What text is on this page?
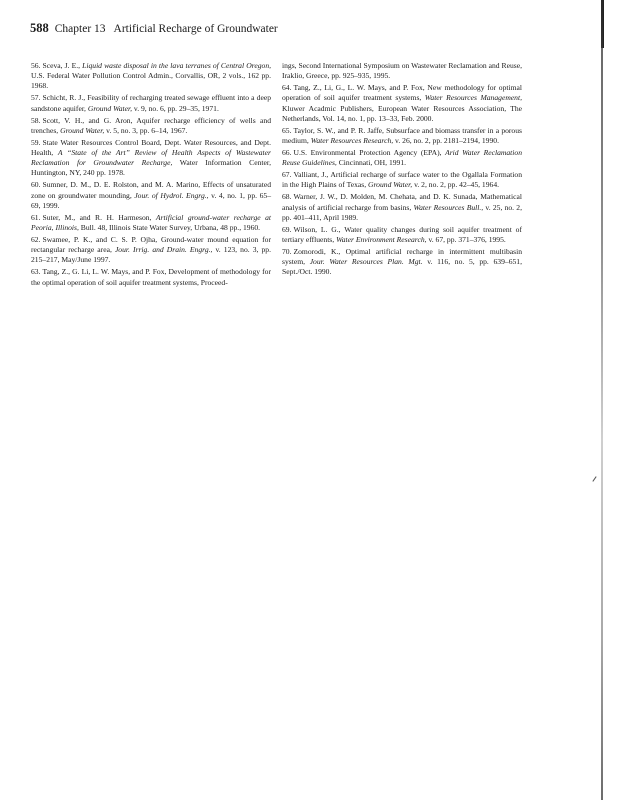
588 Chapter 13   Artificial Recharge of Groundwater
56. Sceva, J. E., Liquid waste disposal in the lava terranes of Central Oregon, U.S. Federal Water Pollution Control Admin., Corvallis, OR, 2 vols., 162 pp. 1968.
57. Schicht, R. J., Feasibility of recharging treated sewage effluent into a deep sandstone aquifer, Ground Water, v. 9, no. 6, pp. 29–35, 1971.
58. Scott, V. H., and G. Aron, Aquifer recharge efficiency of wells and trenches, Ground Water, v. 5, no. 3, pp. 6–14, 1967.
59. State Water Resources Control Board, Dept. Water Resources, and Dept. Health, A “State of the Art” Review of Health Aspects of Wastewater Reclamation for Groundwater Recharge, Water Information Center, Huntington, NY, 240 pp. 1978.
60. Sumner, D. M., D. E. Rolston, and M. A. Marino, Effects of unsaturated zone on groundwater mounding, Jour. of Hydrol. Engrg., v. 4, no. 1, pp. 65–69, 1999.
61. Suter, M., and R. H. Harmeson, Artificial ground-water recharge at Peoria, Illinois, Bull. 48, Illinois State Water Survey, Urbana, 48 pp., 1960.
62. Swamee, P. K., and C. S. P. Ojha, Ground-water mound equation for rectangular recharge area, Jour. Irrig. and Drain. Engrg., v. 123, no. 3, pp. 215–217, May/June 1997.
63. Tang, Z., G. Li, L. W. Mays, and P. Fox, Development of methodology for the optimal operation of soil aquifer treatment systems, Proceed-
ings, Second International Symposium on Wastewater Reclamation and Reuse, Iraklio, Greece, pp. 925–935, 1995.
64. Tang, Z., Li, G., L. W. Mays, and P. Fox, New methodology for optimal operation of soil aquifer treatment systems, Water Resources Management, Kluwer Acadmic Publishers, European Water Resources Association, The Netherlands, Vol. 14, no. 1, pp. 13–33, Feb. 2000.
65. Taylor, S. W., and P. R. Jaffe, Subsurface and biomass transfer in a porous medium, Water Resources Research, v. 26, no. 2, pp. 2181–2194, 1990.
66. U.S. Environmental Protection Agency (EPA), Arid Water Reclamation Reuse Guidelines, Cincinnati, OH, 1991.
67. Valliant, J., Artificial recharge of surface water to the Ogallala Formation in the High Plains of Texas, Ground Water, v. 2, no. 2, pp. 42–45, 1964.
68. Warner, J. W., D. Molden, M. Chehata, and D. K. Sunada, Mathematical analysis of artificial recharge from basins, Water Resources Bull., v. 25, no. 2, pp. 401–411, April 1989.
69. Wilson, L. G., Water quality changes during soil aquifer treatment of tertiary effluents, Water Environment Research, v. 67, pp. 371–376, 1995.
70. Zomorodi, K., Optimal artificial recharge in intermittent multibasin system, Jour. Water Resources Plan. Mgt. v. 116, no. 5, pp. 639–651, Sept./Oct. 1990.
